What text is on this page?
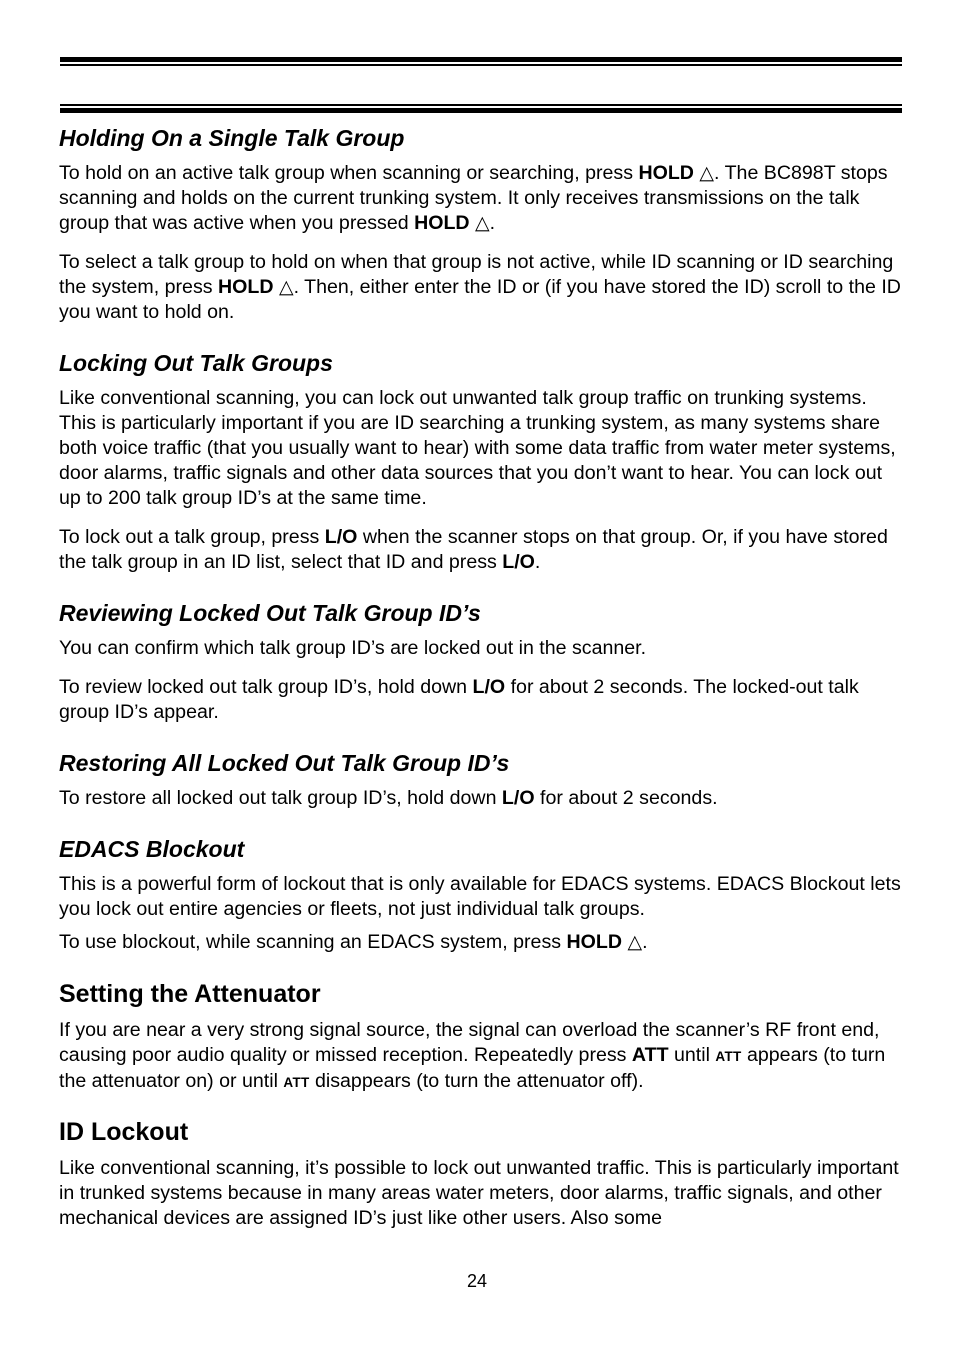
Holding On a Single Talk Group

To hold on an active talk group when scanning or searching, press HOLD △. The BC898T stops scanning and holds on the current trunking system. It only receives transmissions on the talk group that was active when you pressed HOLD △.

To select a talk group to hold on when that group is not active, while ID scanning or ID searching the system, press HOLD △. Then, either enter the ID or (if you have stored the ID) scroll to the ID you want to hold on.

Locking Out Talk Groups

Like conventional scanning, you can lock out unwanted talk group traffic on trunking systems. This is particularly important if you are ID searching a trunking system, as many systems share both voice traffic (that you usually want to hear) with some data traffic from water meter systems, door alarms, traffic signals and other data sources that you don’t want to hear. You can lock out up to 200 talk group ID’s at the same time.

To lock out a talk group, press L/O when the scanner stops on that group. Or, if you have stored the talk group in an ID list, select that ID and press L/O.

Reviewing Locked Out Talk Group ID’s

You can confirm which talk group ID’s are locked out in the scanner.

To review locked out talk group ID’s, hold down L/O for about 2 seconds. The locked-out talk group ID’s appear.

Restoring All Locked Out Talk Group ID’s

To restore all locked out talk group ID’s, hold down L/O for about 2 seconds.

EDACS Blockout

This is a powerful form of lockout that is only available for EDACS systems. EDACS Blockout lets you lock out entire agencies or fleets, not just individual talk groups.

To use blockout, while scanning an EDACS system, press HOLD △.

Setting the Attenuator

If you are near a very strong signal source, the signal can overload the scanner’s RF front end, causing poor audio quality or missed reception. Repeatedly press ATT until ATT appears (to turn the attenuator on) or until ATT disappears (to turn the attenuator off).

ID Lockout

Like conventional scanning, it’s possible to lock out unwanted traffic. This is particularly important in trunked systems because in many areas water meters, door alarms, traffic signals, and other mechanical devices are assigned ID’s just like other users. Also some

24
